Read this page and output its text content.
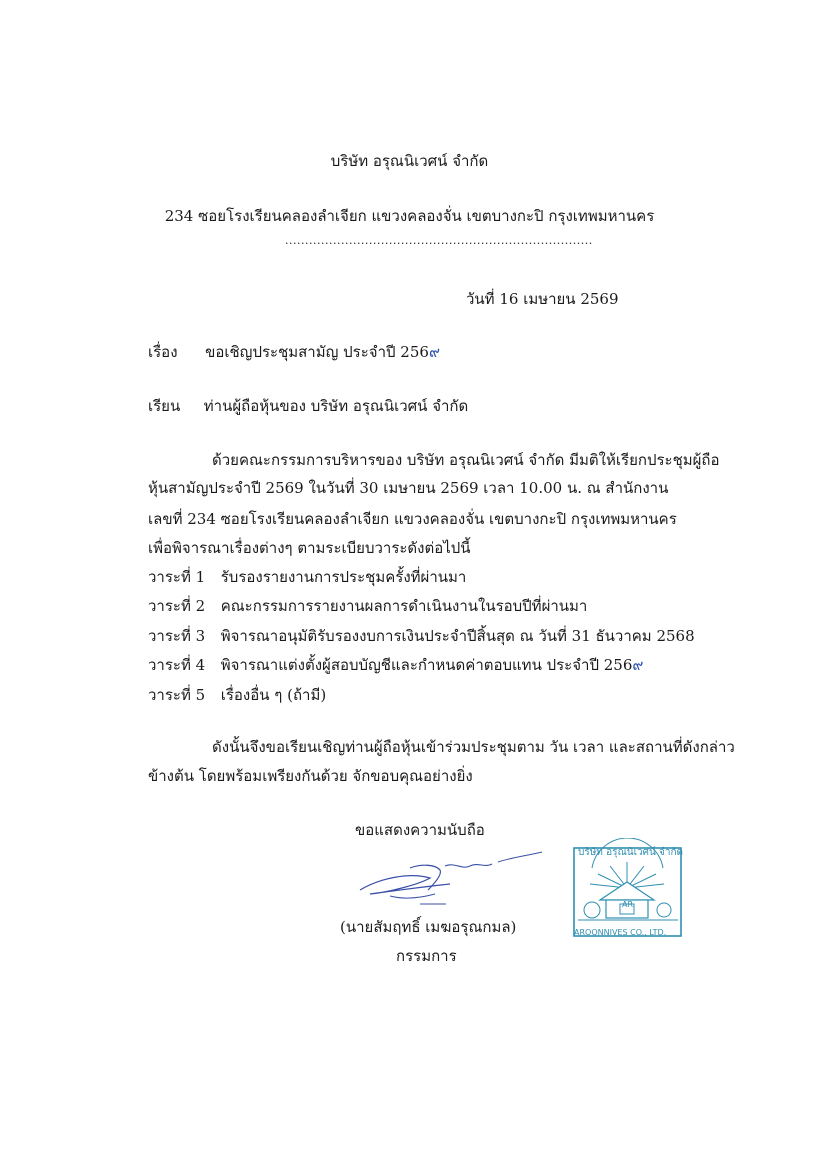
บริษัท อรุณนิเวศน์ จำกัด
234 ซอยโรงเรียนคลองลำเจียก แขวงคลองจั่น เขตบางกะปิ กรุงเทพมหานคร
.............................................................................
วันที่ 16 เมษายน 2569
เรื่อง ขอเชิญประชุมสามัญ ประจำปี 256๙
เรียน ท่านผู้ถือหุ้นของ บริษัท อรุณนิเวศน์ จำกัด
ด้วยคณะกรรมการบริหารของ บริษัท อรุณนิเวศน์ จำกัด มีมติให้เรียกประชุมผู้ถือ
หุ้นสามัญประจำปี 2569 ในวันที่ 30 เมษายน 2569 เวลา 10.00 น. ณ สำนักงาน
เลขที่ 234 ซอยโรงเรียนคลองลำเจียก แขวงคลองจั่น เขตบางกะปิ กรุงเทพมหานคร
เพื่อพิจารณาเรื่องต่างๆ ตามระเบียบวาระดังต่อไปนี้
วาระที่ 1 รับรองรายงานการประชุมครั้งที่ผ่านมา
วาระที่ 2 คณะกรรมการรายงานผลการดำเนินงานในรอบปีที่ผ่านมา
วาระที่ 3 พิจารณาอนุมัติรับรองงบการเงินประจำปีสิ้นสุด ณ วันที่ 31 ธันวาคม 2568
วาระที่ 4 พิจารณาแต่งตั้งผู้สอบบัญชีและกำหนดค่าตอบแทน ประจำปี 256๙
วาระที่ 5 เรื่องอื่น ๆ (ถ้ามี)
ดังนั้นจึงขอเรียนเชิญท่านผู้ถือหุ้นเข้าร่วมประชุมตาม วัน เวลา และสถานที่ดังกล่าว
ข้างต้น โดยพร้อมเพรียงกันด้วย จักขอบคุณอย่างยิ่ง
ขอแสดงความนับถือ
(นายสัมฤทธิ์ เมฆอรุณกมล)
กรรมการ
บริษัท อรุณนิเวศน์ จำกัด
AR
AROONNIVES CO., LTD.
